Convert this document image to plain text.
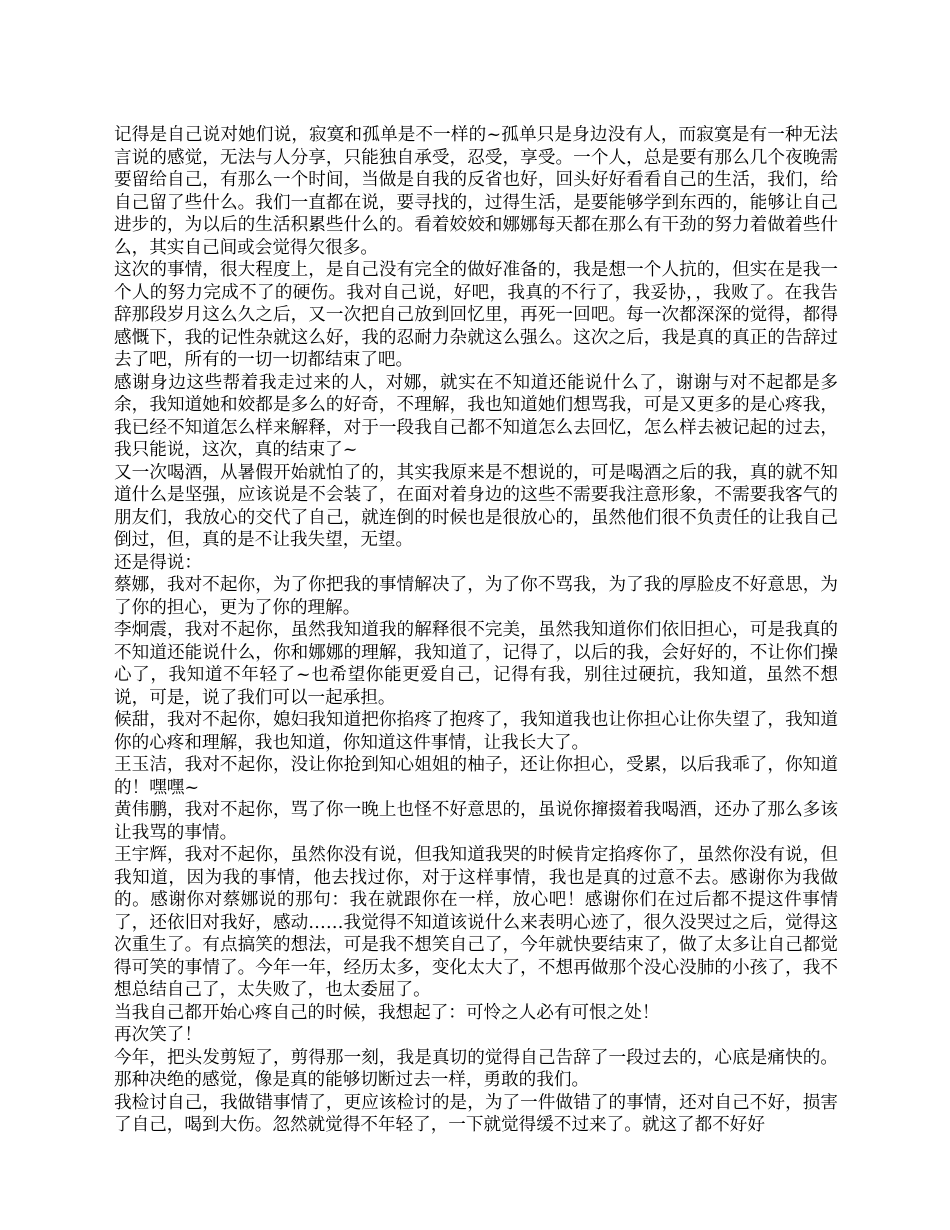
记得是自己说对她们说，寂寞和孤单是不一样的~孤单只是身边没有人，而寂寞是有一种无法言说的感觉，无法与人分享，只能独自承受，忍受，享受。一个人，总是要有那么几个夜晚需要留给自己，有那么一个时间，当做是自我的反省也好，回头好好看看自己的生活，我们，给自己留了些什么。我们一直都在说，要寻找的，过得生活，是要能够学到东西的，能够让自己进步的，为以后的生活积累些什么的。看着姣姣和娜娜每天都在那么有干劲的努力着做着些什么，其实自己间或会觉得欠很多。

这次的事情，很大程度上，是自己没有完全的做好准备的，我是想一个人抗的，但实在是我一个人的努力完成不了的硬伤。我对自己说，好吧，我真的不行了，我妥协，，我败了。在我告辞那段岁月这么久之后，又一次把自己放到回忆里，再死一回吧。每一次都深深的觉得，都得感慨下，我的记性杂就这么好，我的忍耐力杂就这么强么。这次之后，我是真的真正的告辞过去了吧，所有的一切一切都结束了吧。

感谢身边这些帮着我走过来的人，对娜，就实在不知道还能说什么了，谢谢与对不起都是多余，我知道她和姣都是多么的好奇，不理解，我也知道她们想骂我，可是又更多的是心疼我，我已经不知道怎么样来解释，对于一段我自己都不知道怎么去回忆，怎么样去被记起的过去，我只能说，这次，真的结束了~

又一次喝酒，从暑假开始就怕了的，其实我原来是不想说的，可是喝酒之后的我，真的就不知道什么是坚强，应该说是不会装了，在面对着身边的这些不需要我注意形象，不需要我客气的朋友们，我放心的交代了自己，就连倒的时候也是很放心的，虽然他们很不负责任的让我自己倒过，但，真的是不让我失望，无望。

还是得说：

蔡娜，我对不起你，为了你把我的事情解决了，为了你不骂我，为了我的厚脸皮不好意思，为了你的担心，更为了你的理解。

李炯震，我对不起你，虽然我知道我的解释很不完美，虽然我知道你们依旧担心，可是我真的不知道还能说什么，你和娜娜的理解，我知道了，记得了，以后的我，会好好的，不让你们操心了，我知道不年轻了~也希望你能更爱自己，记得有我，别往过硬抗，我知道，虽然不想说，可是，说了我们可以一起承担。

候甜，我对不起你，媳妇我知道把你掐疼了抱疼了，我知道我也让你担心让你失望了，我知道你的心疼和理解，我也知道，你知道这件事情，让我长大了。

王玉洁，我对不起你，没让你抢到知心姐姐的柚子，还让你担心，受累，以后我乖了，你知道的！嘿嘿~

黄伟鹏，我对不起你，骂了你一晚上也怪不好意思的，虽说你撺掇着我喝酒，还办了那么多该让我骂的事情。

王宇辉，我对不起你，虽然你没有说，但我知道我哭的时候肯定掐疼你了，虽然你没有说，但我知道，因为我的事情，他去找过你，对于这样事情，我也是真的过意不去。感谢你为我做的。感谢你对蔡娜说的那句：我在就跟你在一样，放心吧！感谢你们在过后都不提这件事情了，还依旧对我好，感动……我觉得不知道该说什么来表明心迹了，很久没哭过之后，觉得这次重生了。有点搞笑的想法，可是我不想笑自己了，今年就快要结束了，做了太多让自己都觉得可笑的事情了。今年一年，经历太多，变化太大了，不想再做那个没心没肺的小孩了，我不想总结自己了，太失败了，也太委屈了。

当我自己都开始心疼自己的时候，我想起了：可怜之人必有可恨之处！

再次笑了！

今年，把头发剪短了，剪得那一刻，我是真切的觉得自己告辞了一段过去的，心底是痛快的。那种决绝的感觉，像是真的能够切断过去一样，勇敢的我们。

我检讨自己，我做错事情了，更应该检讨的是，为了一件做错了的事情，还对自己不好，损害了自己，喝到大伤。忽然就觉得不年轻了，一下就觉得缓不过来了。就这了都不好好
